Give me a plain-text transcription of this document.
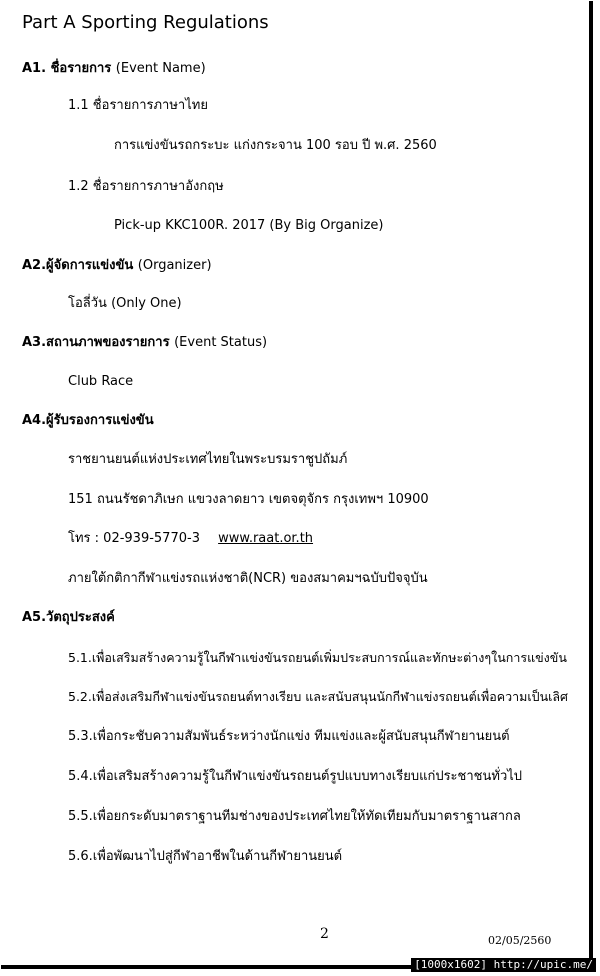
Part A Sporting Regulations
A1. ชื่อรายการ (Event Name)
1.1 ชื่อรายการภาษาไทย
การแข่งขันรถกระบะ แก่งกระจาน 100 รอบ ปี พ.ศ. 2560
1.2 ชื่อรายการภาษาอังกฤษ
Pick-up KKC100R. 2017 (By Big Organize)
A2.ผู้จัดการแข่งขัน (Organizer)
โอลี่วัน (Only One)
A3.สถานภาพของรายการ (Event Status)
Club Race
A4.ผู้รับรองการแข่งขัน
ราชยานยนต์แห่งประเทศไทยในพระบรมราชูปถัมภ์
151 ถนนรัชดาภิเษก แขวงลาดยาว เขตจตุจักร กรุงเทพฯ 10900
โทร : 02-939-5770-3 www.raat.or.th
ภายใต้กติกากีฬาแข่งรถแห่งชาติ(NCR) ของสมาคมฯฉบับปัจจุบัน
A5.วัตถุประสงค์
5.1.เพื่อเสริมสร้างความรู้ในกีฬาแข่งขันรถยนต์เพิ่มประสบการณ์และทักษะต่างๆในการแข่งขัน
5.2.เพื่อส่งเสริมกีฬาแข่งขันรถยนต์ทางเรียบ และสนับสนุนนักกีฬาแข่งรถยนต์เพื่อความเป็นเลิศ
5.3.เพื่อกระชับความสัมพันธ์ระหว่างนักแข่ง ทีมแข่งและผู้สนับสนุนกีฬายานยนต์
5.4.เพื่อเสริมสร้างความรู้ในกีฬาแข่งขันรถยนต์รูปแบบทางเรียบแก่ประชาชนทั่วไป
5.5.เพื่อยกระดับมาตราฐานทีมช่างของประเทศไทยให้ทัดเทียมกับมาตราฐานสากล
5.6.เพื่อพัฒนาไปสู่กีฬาอาชีพในด้านกีฬายานยนต์
2	02/05/2560
[1000x1602] http://upic.me/
